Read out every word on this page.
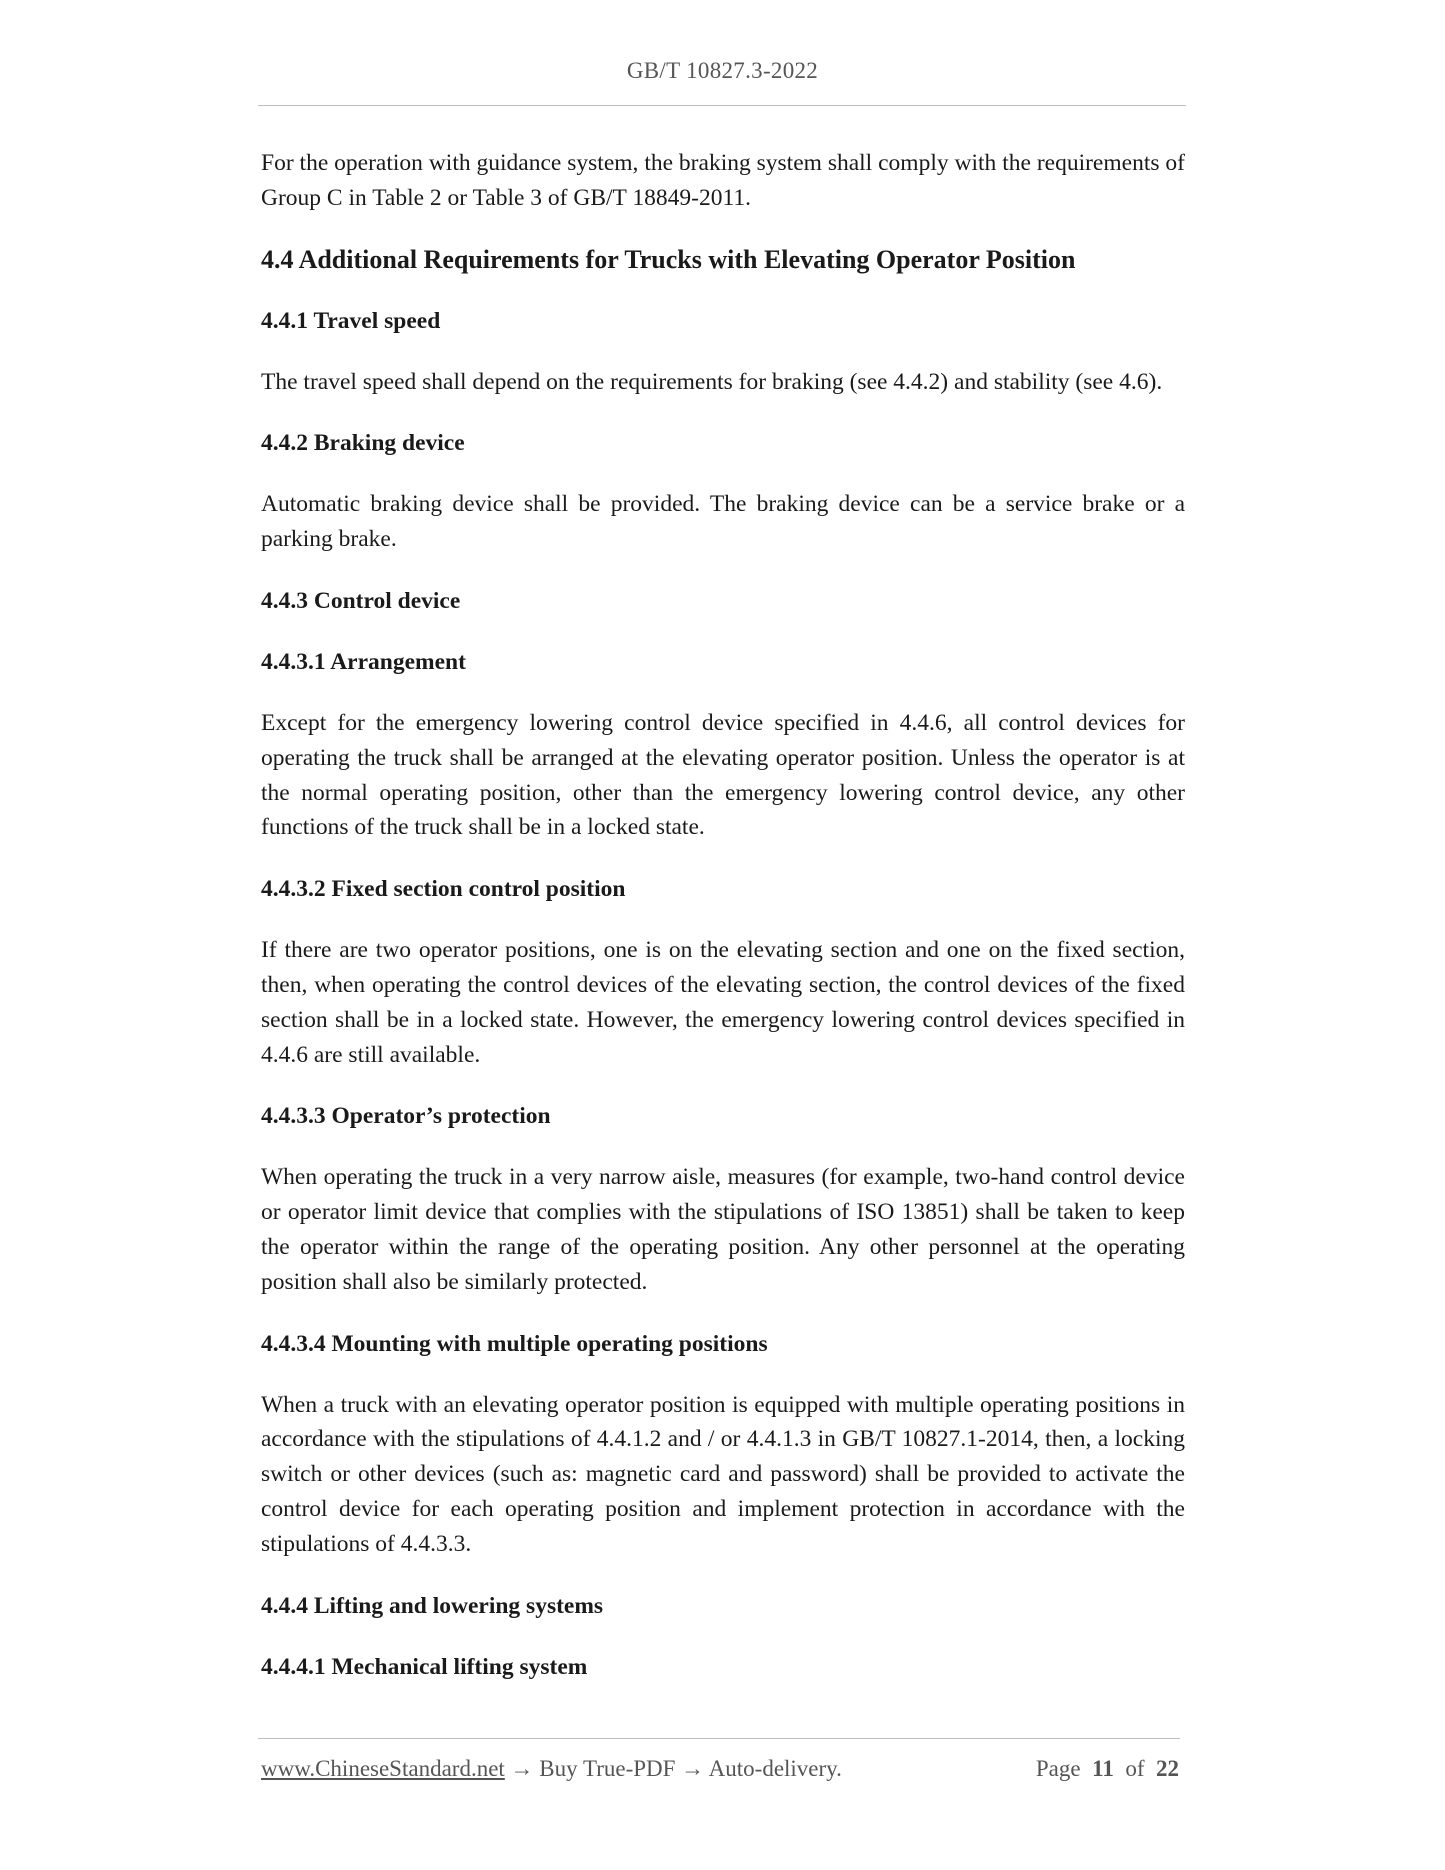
GB/T 10827.3-2022

For the operation with guidance system, the braking system shall comply with the requirements of Group C in Table 2 or Table 3 of GB/T 18849-2011.

4.4 Additional Requirements for Trucks with Elevating Operator Position
4.4.1 Travel speed

The travel speed shall depend on the requirements for braking (see 4.4.2) and stability (see 4.6).

4.4.2 Braking device

Automatic braking device shall be provided. The braking device can be a service brake or a parking brake.

4.4.3 Control device
4.4.3.1 Arrangement

Except for the emergency lowering control device specified in 4.4.6, all control devices for operating the truck shall be arranged at the elevating operator position. Unless the operator is at the normal operating position, other than the emergency lowering control device, any other functions of the truck shall be in a locked state.

4.4.3.2 Fixed section control position

If there are two operator positions, one is on the elevating section and one on the fixed section, then, when operating the control devices of the elevating section, the control devices of the fixed section shall be in a locked state. However, the emergency lowering control devices specified in 4.4.6 are still available.

4.4.3.3 Operator’s protection

When operating the truck in a very narrow aisle, measures (for example, two-hand control device or operator limit device that complies with the stipulations of ISO 13851) shall be taken to keep the operator within the range of the operating position. Any other personnel at the operating position shall also be similarly protected.

4.4.3.4 Mounting with multiple operating positions

When a truck with an elevating operator position is equipped with multiple operating positions in accordance with the stipulations of 4.4.1.2 and / or 4.4.1.3 in GB/T 10827.1-2014, then, a locking switch or other devices (such as: magnetic card and password) shall be provided to activate the control device for each operating position and implement protection in accordance with the stipulations of 4.4.3.3.

4.4.4 Lifting and lowering systems
4.4.4.1 Mechanical lifting system
www.ChineseStandard.net → Buy True-PDF → Auto-delivery.	Page 11 of 22
